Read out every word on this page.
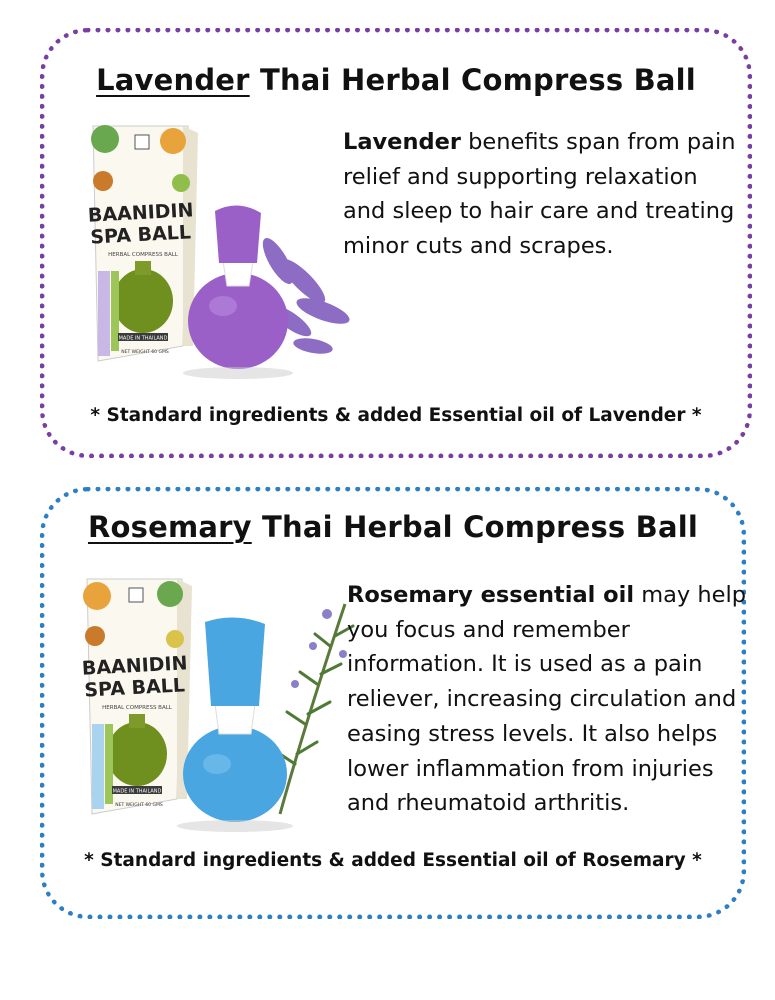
Lavender Thai Herbal Compress Ball
BAANIDIN
SPA BALL
HERBAL COMPRESS BALL
MADE IN THAILAND
NET WEIGHT 60 GMS
Lavender benefits span from pain relief and supporting relaxation and sleep to hair care and treating minor cuts and scrapes.
* Standard ingredients & added Essential oil of Lavender *
Rosemary Thai Herbal Compress Ball
BAANIDIN
SPA BALL
HERBAL COMPRESS BALL
MADE IN THAILAND
NET WEIGHT 60 GMS
Rosemary essential oil may help you focus and remember information. It is used as a pain reliever, increasing circulation and easing stress levels. It also helps lower inflammation from injuries and rheumatoid arthritis.
* Standard ingredients & added Essential oil of Rosemary *
